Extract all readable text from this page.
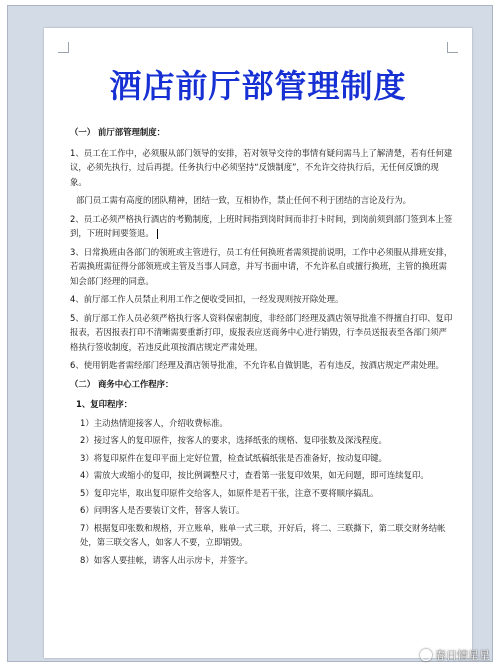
酒店前厅部管理制度
（一） 前厅部管理制度：
1、员工在工作中，必须服从部门领导的安排，若对领导交待的事情有疑问需马上了解清楚，若有任何建议，必须先执行，过后再提。任务执行中必须坚持“反馈制度”，不允许交待执行后，无任何反馈的现象。
部门员工需有高度的团队精神，团结一致，互相协作，禁止任何不利于团结的言论及行为。
2、员工必须严格执行酒店的考勤制度，上班时间指到岗时间而非打卡时间，到岗前须到部门签到本上签到，下班时间要签退。
3、日常换班由各部门的领班或主管进行，员工有任何换班者需须提前说明，工作中必须服从排班安排，若需换班需征得分部领班或主管及当事人同意，并写书面申请，不允许私自或擅行换班，主管的换班需知会部门经理的同意。
4、前厅部工作人员禁止利用工作之便收受回扣，一经发现则按开除处理。
5、前厅部工作人员必须严格执行客人资料保密制度，非经部门经理及酒店领导批准不得擅自打印、复印报表，若因报表打印不清晰需要重新打印，废报表应送商务中心进行销毁，行李员送报表至各部门须严格执行签收制度，若违反此项按酒店规定严肃处理。
6、使用钥匙者需经部门经理及酒店领导批准，不允许私自做钥匙，若有违反，按酒店规定严肃处理。
（二） 商务中心工作程序：
1、复印程序：
1）主动热情迎接客人，介绍收费标准。
2）接过客人的复印原件，按客人的要求，选择纸张的规格、复印张数及深浅程度。
3）将复印原件在复印平面上定好位置，检查试纸稿纸张是否准备好，按动复印键。
4）需放大或缩小的复印，按比例调整尺寸，查看第一张复印效果，如无问题，即可连续复印。
5）复印完毕，取出复印原件交给客人，如原件是若干张，注意不要将顺序搞乱。
6）问明客人是否要装订文件，替客人装订。
7）根据复印张数和规格，开立账单，账单一式三联，开好后，将二、三联撕下，第二联交财务结帐处，第三联交客人，如客人不要，立即销毁。
8）如客人要挂帐，请客人出示房卡，并签字。
春日情星星
